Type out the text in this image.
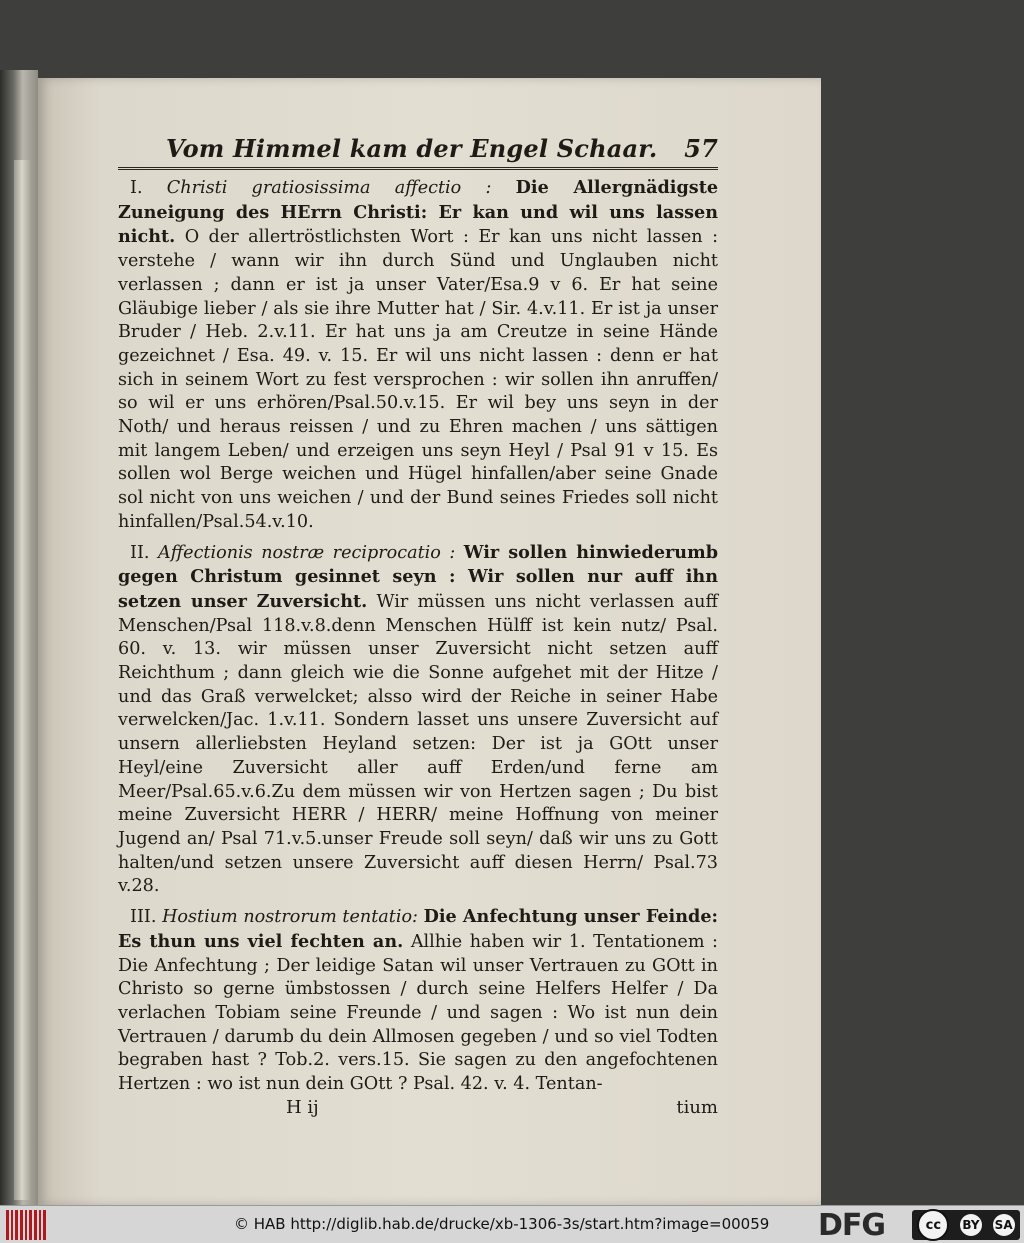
Vom Himmel kam der Engel Schaar. 57

I. Christi gratiosissima affectio : Die Allergnädigste Zuneigung des HErrn Christi: Er kan und wil uns lassen nicht. O der allertröstlichsten Wort : Er kan uns nicht lassen : verstehe / wann wir ihn durch Sünd und Unglauben nicht verlassen ; dann er ist ja unser Vater/Esa.9 v 6. Er hat seine Gläubige lieber / als sie ihre Mutter hat / Sir. 4.v.11. Er ist ja unser Bruder / Heb. 2.v.11. Er hat uns ja am Creutze in seine Hände gezeichnet / Esa. 49. v. 15. Er wil uns nicht lassen : denn er hat sich in seinem Wort zu fest versprochen : wir sollen ihn anruffen/ so wil er uns erhören/Psal.50.v.15. Er wil bey uns seyn in der Noth/ und heraus reissen / und zu Ehren machen / uns sättigen mit langem Leben/ und erzeigen uns seyn Heyl / Psal 91 v 15. Es sollen wol Berge weichen und Hügel hinfallen/aber seine Gnade sol nicht von uns weichen / und der Bund seines Friedes soll nicht hinfallen/Psal.54.v.10.

II. Affectionis nostræ reciprocatio : Wir sollen hinwiederumb gegen Christum gesinnet seyn : Wir sollen nur auff ihn setzen unser Zuversicht. Wir müssen uns nicht verlassen auff Menschen/Psal 118.v.8.denn Menschen Hülff ist kein nutz/ Psal. 60. v. 13. wir müssen unser Zuversicht nicht setzen auff Reichthum ; dann gleich wie die Sonne aufgehet mit der Hitze / und das Graß verwelcket; alsso wird der Reiche in seiner Habe verwelcken/Jac. 1.v.11. Sondern lasset uns unsere Zuversicht auf unsern allerliebsten Heyland setzen: Der ist ja GOtt unser Heyl/eine Zuversicht aller auff Erden/und ferne am Meer/Psal.65.v.6.Zu dem müssen wir von Hertzen sagen ; Du bist meine Zuversicht HERR / HERR/ meine Hoffnung von meiner Jugend an/ Psal 71.v.5.unser Freude soll seyn/ daß wir uns zu Gott halten/und setzen unsere Zuversicht auff diesen Herrn/ Psal.73 v.28.

III. Hostium nostrorum tentatio: Die Anfechtung unser Feinde: Es thun uns viel fechten an. Allhie haben wir 1. Tentationem : Die Anfechtung ; Der leidige Satan wil unser Vertrauen zu GOtt in Christo so gerne ümbstossen / durch seine Helfers Helfer / Da verlachen Tobiam seine Freunde / und sagen : Wo ist nun dein Vertrauen / darumb du dein Allmosen gegeben / und so viel Todten begraben hast ? Tob.2. vers.15. Sie sagen zu den angefochtenen Hertzen : wo ist nun dein GOtt ? Psal. 42. v. 4. Tentan-

H ij	tium
© HAB http://diglib.hab.de/drucke/xb-1306-3s/start.htm?image=00059 DFG	cc	BY SA
